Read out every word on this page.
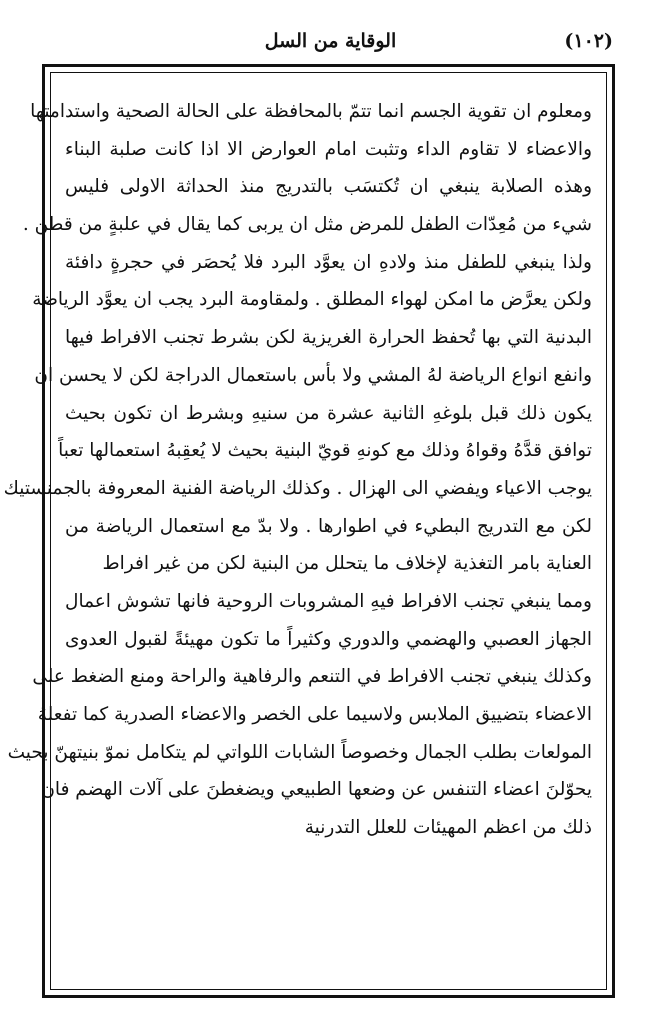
(١٠٢)
الوقاية من السل
ومعلوم ان تقوية الجسم انما تتمّ بالمحافظة على الحالة الصحية واستدامتها
والاعضاء لا تقاوم الداء وتثبت امام العوارض الا اذا كانت صلبة البناء
وهذه الصلابة ينبغي ان تُكتسَب بالتدريج منذ الحداثة الاولى فليس
شيء من مُعِدّات الطفل للمرض مثل ان يربى كما يقال في علبةٍ من قطن .
ولذا ينبغي للطفل منذ ولادهِ ان يعوَّد البرد فلا يُحصَر في حجرةٍ دافئة
ولكن يعرَّض ما امكن لهواء المطلق . ولمقاومة البرد يجب ان يعوَّد الرياضة
البدنية التي بها تُحفظ الحرارة الغريزية لكن بشرط تجنب الافراط فيها
وانفع انواع الرياضة لهُ المشي ولا بأس باستعمال الدراجة لكن لا يحسن ان
يكون ذلك قبل بلوغهِ الثانية عشرة من سنيهِ وبشرط ان تكون بحيث
توافق قدَّهُ وقواهُ وذلك مع كونهِ قويّ البنية بحيث لا يُعقِبهُ استعمالها تعباً
يوجب الاعياء ويفضي الى الهزال . وكذلك الرياضة الفنية المعروفة بالجمنستيك
لكن مع التدريج البطيء في اطوارها . ولا بدّ مع استعمال الرياضة من
العناية بامر التغذية لإخلاف ما يتحلل من البنية لكن من غير افراط
ومما ينبغي تجنب الافراط فيهِ المشروبات الروحية فانها تشوش اعمال
الجهاز العصبي والهضمي والدوري وكثيراً ما تكون مهيئةً لقبول العدوى
وكذلك ينبغي تجنب الافراط في التنعم والرفاهية والراحة ومنع الضغط على
الاعضاء بتضييق الملابس ولاسيما على الخصر والاعضاء الصدرية كما تفعلهُ
المولعات بطلب الجمال وخصوصاً الشابات اللواتي لم يتكامل نموّ بنيتهنّ بحيث
يحوّلنَ اعضاء التنفس عن وضعها الطبيعي ويضغطنَ على آلات الهضم فان
ذلك من اعظم المهيئات للعلل التدرنية
